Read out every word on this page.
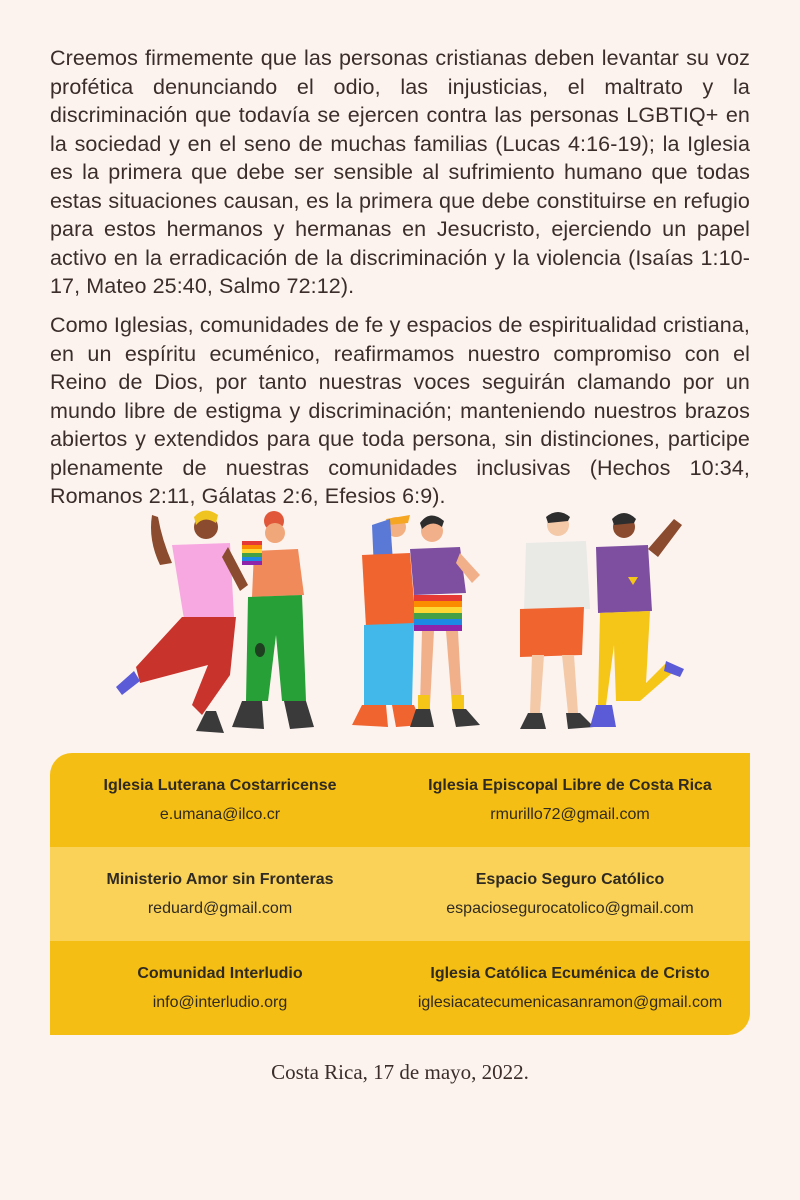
Creemos firmemente que las personas cristianas deben levantar su voz profética denunciando el odio, las injusticias, el maltrato y la discriminación que todavía se ejercen contra las personas LGBTIQ+ en la sociedad y en el seno de muchas familias (Lucas 4:16-19); la Iglesia es la primera que debe ser sensible al sufrimiento humano que todas estas situaciones causan, es la primera que debe constituirse en refugio para estos hermanos y hermanas en Jesucristo, ejerciendo un papel activo en la erradicación de la discriminación y la violencia (Isaías 1:10-17, Mateo 25:40, Salmo 72:12).

Como Iglesias, comunidades de fe y espacios de espiritualidad cristiana, en un espíritu ecuménico, reafirmamos nuestro compromiso con el Reino de Dios, por tanto nuestras voces seguirán clamando por un mundo libre de estigma y discriminación; manteniendo nuestros brazos abiertos y extendidos para que toda persona, sin distinciones, participe plenamente de nuestras comunidades inclusivas (Hechos 10:34, Romanos 2:11, Gálatas 2:6, Efesios 6:9).

Iglesia Luterana Costarricense
e.umana@ilco.cr
Iglesia Episcopal Libre de Costa Rica
rmurillo72@gmail.com
Ministerio Amor sin Fronteras
reduard@gmail.com
Espacio Seguro Católico
espaciosegurocatolico@gmail.com
Comunidad Interludio
info@interludio.org
Iglesia Católica Ecuménica de Cristo
iglesiacatecumenicasanramon@gmail.com
Costa Rica, 17 de mayo, 2022.
